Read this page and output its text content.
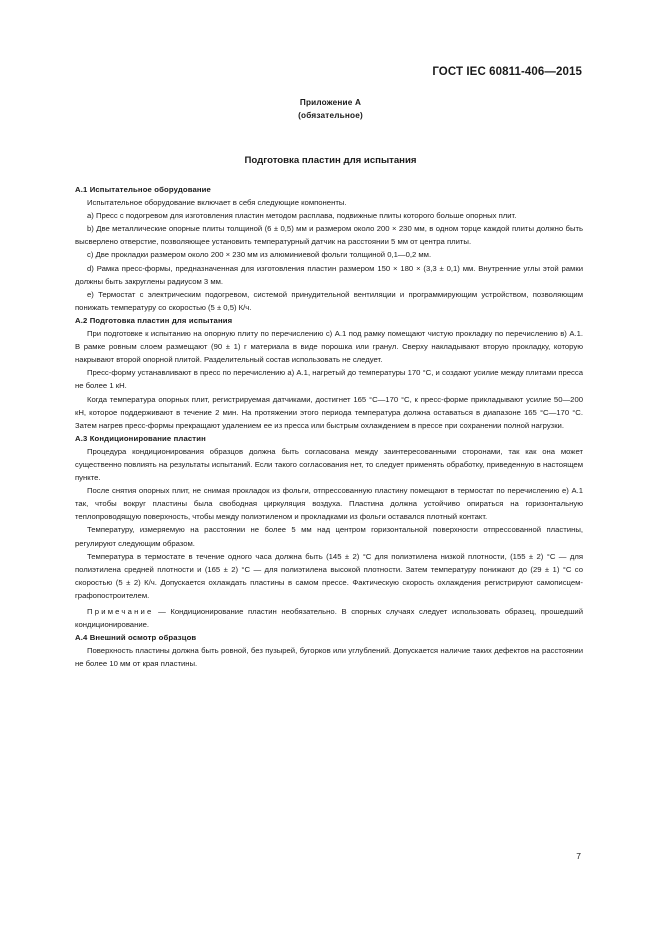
ГОСТ IEC 60811-406—2015
Приложение А
(обязательное)
Подготовка пластин для испытания

А.1 Испытательное оборудование

Испытательное оборудование включает в себя следующие компоненты.

а) Пресс с подогревом для изготовления пластин методом расплава, подвижные плиты которого больше опорных плит.

b) Две металлические опорные плиты толщиной (6 ± 0,5) мм и размером около 200 × 230 мм, в одном торце каждой плиты должно быть высверлено отверстие, позволяющее установить температурный датчик на расстоянии 5 мм от центра плиты.

с) Две прокладки размером около 200 × 230 мм из алюминиевой фольги толщиной 0,1—0,2 мм.

d) Рамка пресс-формы, предназначенная для изготовления пластин размером 150 × 180 × (3,3 ± 0,1) мм. Внутренние углы этой рамки должны быть закруглены радиусом 3 мм.

е) Термостат с электрическим подогревом, системой принудительной вентиляции и программирующим устройством, позволяющим понижать температуру со скоростью (5 ± 0,5) К/ч.

А.2 Подготовка пластин для испытания

При подготовке к испытанию на опорную плиту по перечислению с) А.1 под рамку помещают чистую прокладку по перечислению в) А.1. В рамке ровным слоем размещают (90 ± 1) г материала в виде порошка или гранул. Сверху накладывают вторую прокладку, которую накрывают второй опорной плитой. Разделительный состав использовать не следует.

Пресс-форму устанавливают в пресс по перечислению а) А.1, нагретый до температуры 170 °С, и создают усилие между плитами пресса не более 1 кН.

Когда температура опорных плит, регистрируемая датчиками, достигнет 165 °С—170 °С, к пресс-форме прикладывают усилие 50—200 кН, которое поддерживают в течение 2 мин. На протяжении этого периода температура должна оставаться в диапазоне 165 °С—170 °С. Затем нагрев пресс-формы прекращают удалением ее из пресса или быстрым охлаждением в прессе при сохранении полной нагрузки.

А.3 Кондиционирование пластин

Процедура кондиционирования образцов должна быть согласована между заинтересованными сторонами, так как она может существенно повлиять на результаты испытаний. Если такого согласования нет, то следует применять обработку, приведенную в настоящем пункте.

После снятия опорных плит, не снимая прокладок из фольги, отпрессованную пластину помещают в термостат по перечислению е) А.1 так, чтобы вокруг пластины была свободная циркуляция воздуха. Пластина должна устойчиво опираться на горизонтальную теплопроводящую поверхность, чтобы между полиэтиленом и прокладками из фольги оставался плотный контакт.

Температуру, измеряемую на расстоянии не более 5 мм над центром горизонтальной поверхности отпрессованной пластины, регулируют следующим образом.

Температура в термостате в течение одного часа должна быть (145 ± 2) °С для полиэтилена низкой плотности, (155 ± 2) °С — для полиэтилена средней плотности и (165 ± 2) °С — для полиэтилена высокой плотности. Затем температуру понижают до (29 ± 1) °С со скоростью (5 ± 2) К/ч. Допускается охлаждать пластины в самом прессе. Фактическую скорость охлаждения регистрируют самописцем-графопостроителем.

Примечание — Кондиционирование пластин необязательно. В спорных случаях следует использовать образец, прошедший кондиционирование.

А.4 Внешний осмотр образцов

Поверхность пластины должна быть ровной, без пузырей, бугорков или углублений. Допускается наличие таких дефектов на расстоянии не более 10 мм от края пластины.

7
